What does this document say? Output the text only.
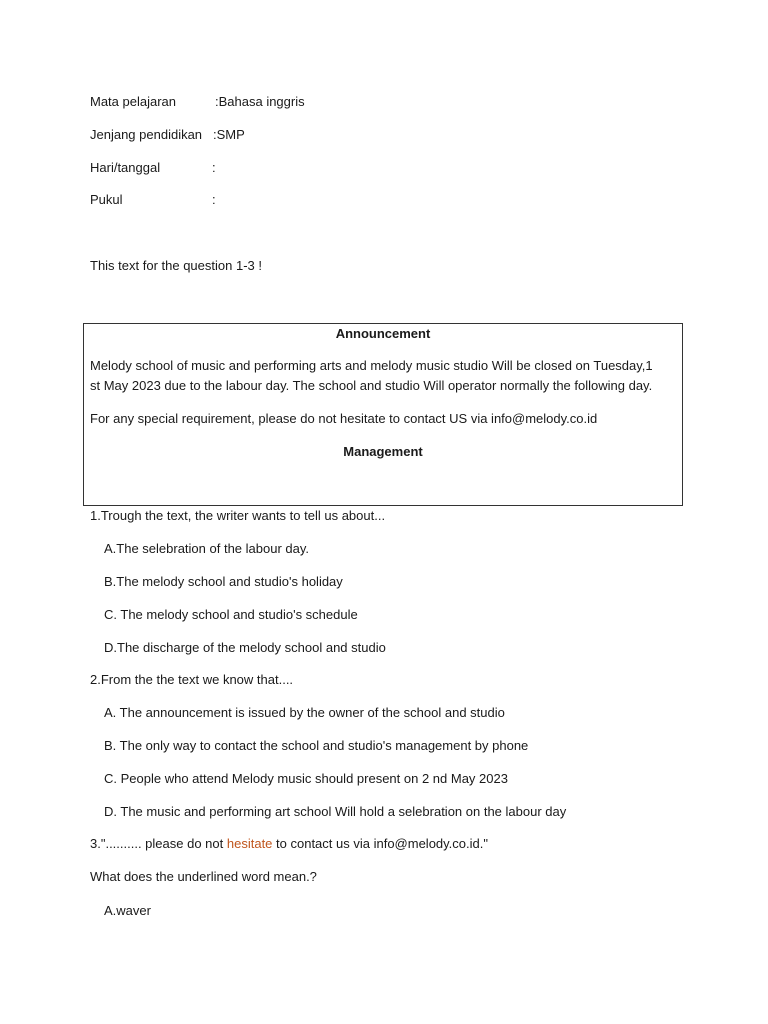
Mata pelajaran	:Bahasa inggris
Jenjang pendidikan :SMP
Hari/tanggal	:
Pukul	:
This text for the question 1-3 !
Announcement
Melody school of music and performing arts and melody music studio Will be closed on Tuesday,1 st May 2023 due to the labour day. The school and studio Will operator normally the following day.
For any special requirement, please do not hesitate to contact US via info@melody.co.id
Management
1.Trough the text, the writer wants to tell us about...
A.The selebration of the labour day.
B.The melody school and studio's holiday
C. The melody school and studio's schedule
D.The discharge of the melody school and studio
2.From the the text we know that....
A. The announcement is issued by the owner of the school and studio
B. The only way to contact the school and studio's management by phone
C. People who attend Melody music should present on 2 nd May 2023
D. The music and performing art school Will hold a selebration on the labour day
3.".......... please do not hesitate to contact us via info@melody.co.id."
What does the underlined word mean.?
A.waver
